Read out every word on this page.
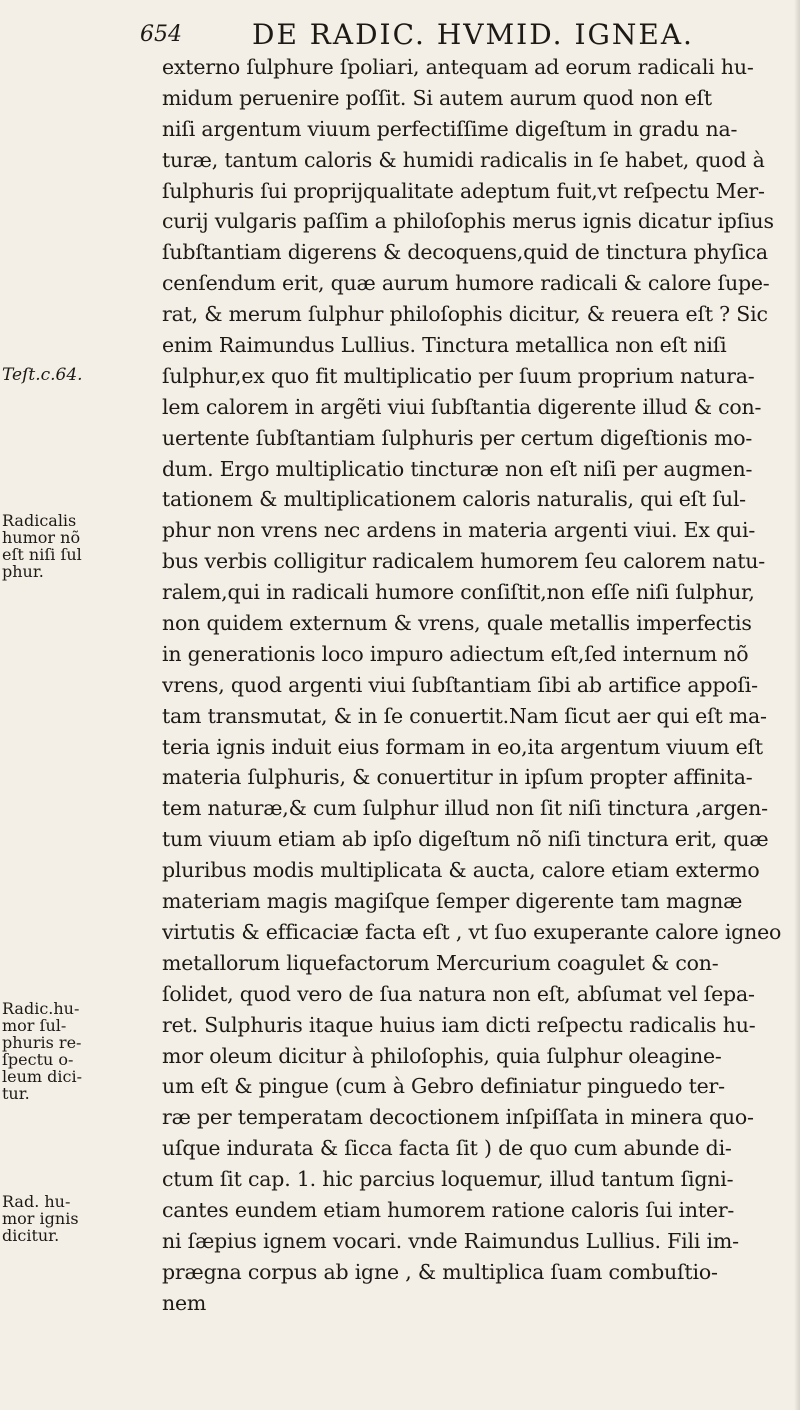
654	DE RADIC. HVMID. IGNEA.
externo ſulphure ſpoliari, antequam ad eorum radicali hu-
midum peruenire poſſit. Si autem aurum quod non eſt
niſi argentum viuum perfectiſſime digeſtum in gradu na-
turæ, tantum caloris & humidi radicalis in ſe habet, quod à
ſulphuris ſui proprijqualitate adeptum fuit,vt reſpectu Mer-
curij vulgaris paſſim a philoſophis merus ignis dicatur ipſius
ſubſtantiam digerens & decoquens,quid de tinctura phyſica
cenſendum erit, quæ aurum humore radicali & calore ſupe-
rat, & merum ſulphur philoſophis dicitur, & reuera eſt ? Sic
enim Raimundus Lullius. Tinctura metallica non eſt niſi
ſulphur,ex quo fit multiplicatio per ſuum proprium natura-
lem calorem in argẽti viui ſubſtantia digerente illud & con-
uertente ſubſtantiam ſulphuris per certum digeſtionis mo-
dum. Ergo multiplicatio tincturæ non eſt niſi per augmen-
tationem & multiplicationem caloris naturalis, qui eſt ſul-
phur non vrens nec ardens in materia argenti viui. Ex qui-
bus verbis colligitur radicalem humorem ſeu calorem natu-
ralem,qui in radicali humore conſiſtit,non eſſe niſi ſulphur,
non quidem externum & vrens, quale metallis imperfectis
in generationis loco impuro adiectum eſt,ſed internum nõ
vrens, quod argenti viui ſubſtantiam ſibi ab artifice appoſi-
tam transmutat, & in ſe conuertit.Nam ſicut aer qui eſt ma-
teria ignis induit eius formam in eo,ita argentum viuum eſt
materia ſulphuris, & conuertitur in ipſum propter affinita-
tem naturæ,& cum ſulphur illud non ſit niſi tinctura ,argen-
tum viuum etiam ab ipſo digeſtum nõ niſi tinctura erit, quæ
pluribus modis multiplicata & aucta, calore etiam extermo
materiam magis magiſque ſemper digerente tam magnæ
virtutis & efficaciæ facta eſt , vt ſuo exuperante calore igneo
metallorum liquefactorum Mercurium coagulet & con-
ſolidet, quod vero de ſua natura non eſt, abſumat vel ſepa-
ret. Sulphuris itaque huius iam dicti reſpectu radicalis hu-
mor oleum dicitur à philoſophis, quia ſulphur oleagine-
um eſt & pingue (cum à Gebro definiatur pinguedo ter-
ræ per temperatam decoctionem inſpiſſata in minera quo-
uſque indurata & ſicca facta ſit ) de quo cum abunde di-
ctum ſit cap. 1. hic parcius loquemur, illud tantum ſigni-
cantes eundem etiam humorem ratione caloris ſui inter-
ni ſæpius ignem vocari. vnde Raimundus Lullius. Fili im-
prægna corpus ab igne , & multiplica ſuam combuſtio-
nem
Teſt.c.64.
Radicalis
humor nõ
eſt niſi ſul
phur.
Radic.hu-
mor ſul-
phuris re-
ſpectu o-
leum dici-
tur.
Rad. hu-
mor ignis
dicitur.
